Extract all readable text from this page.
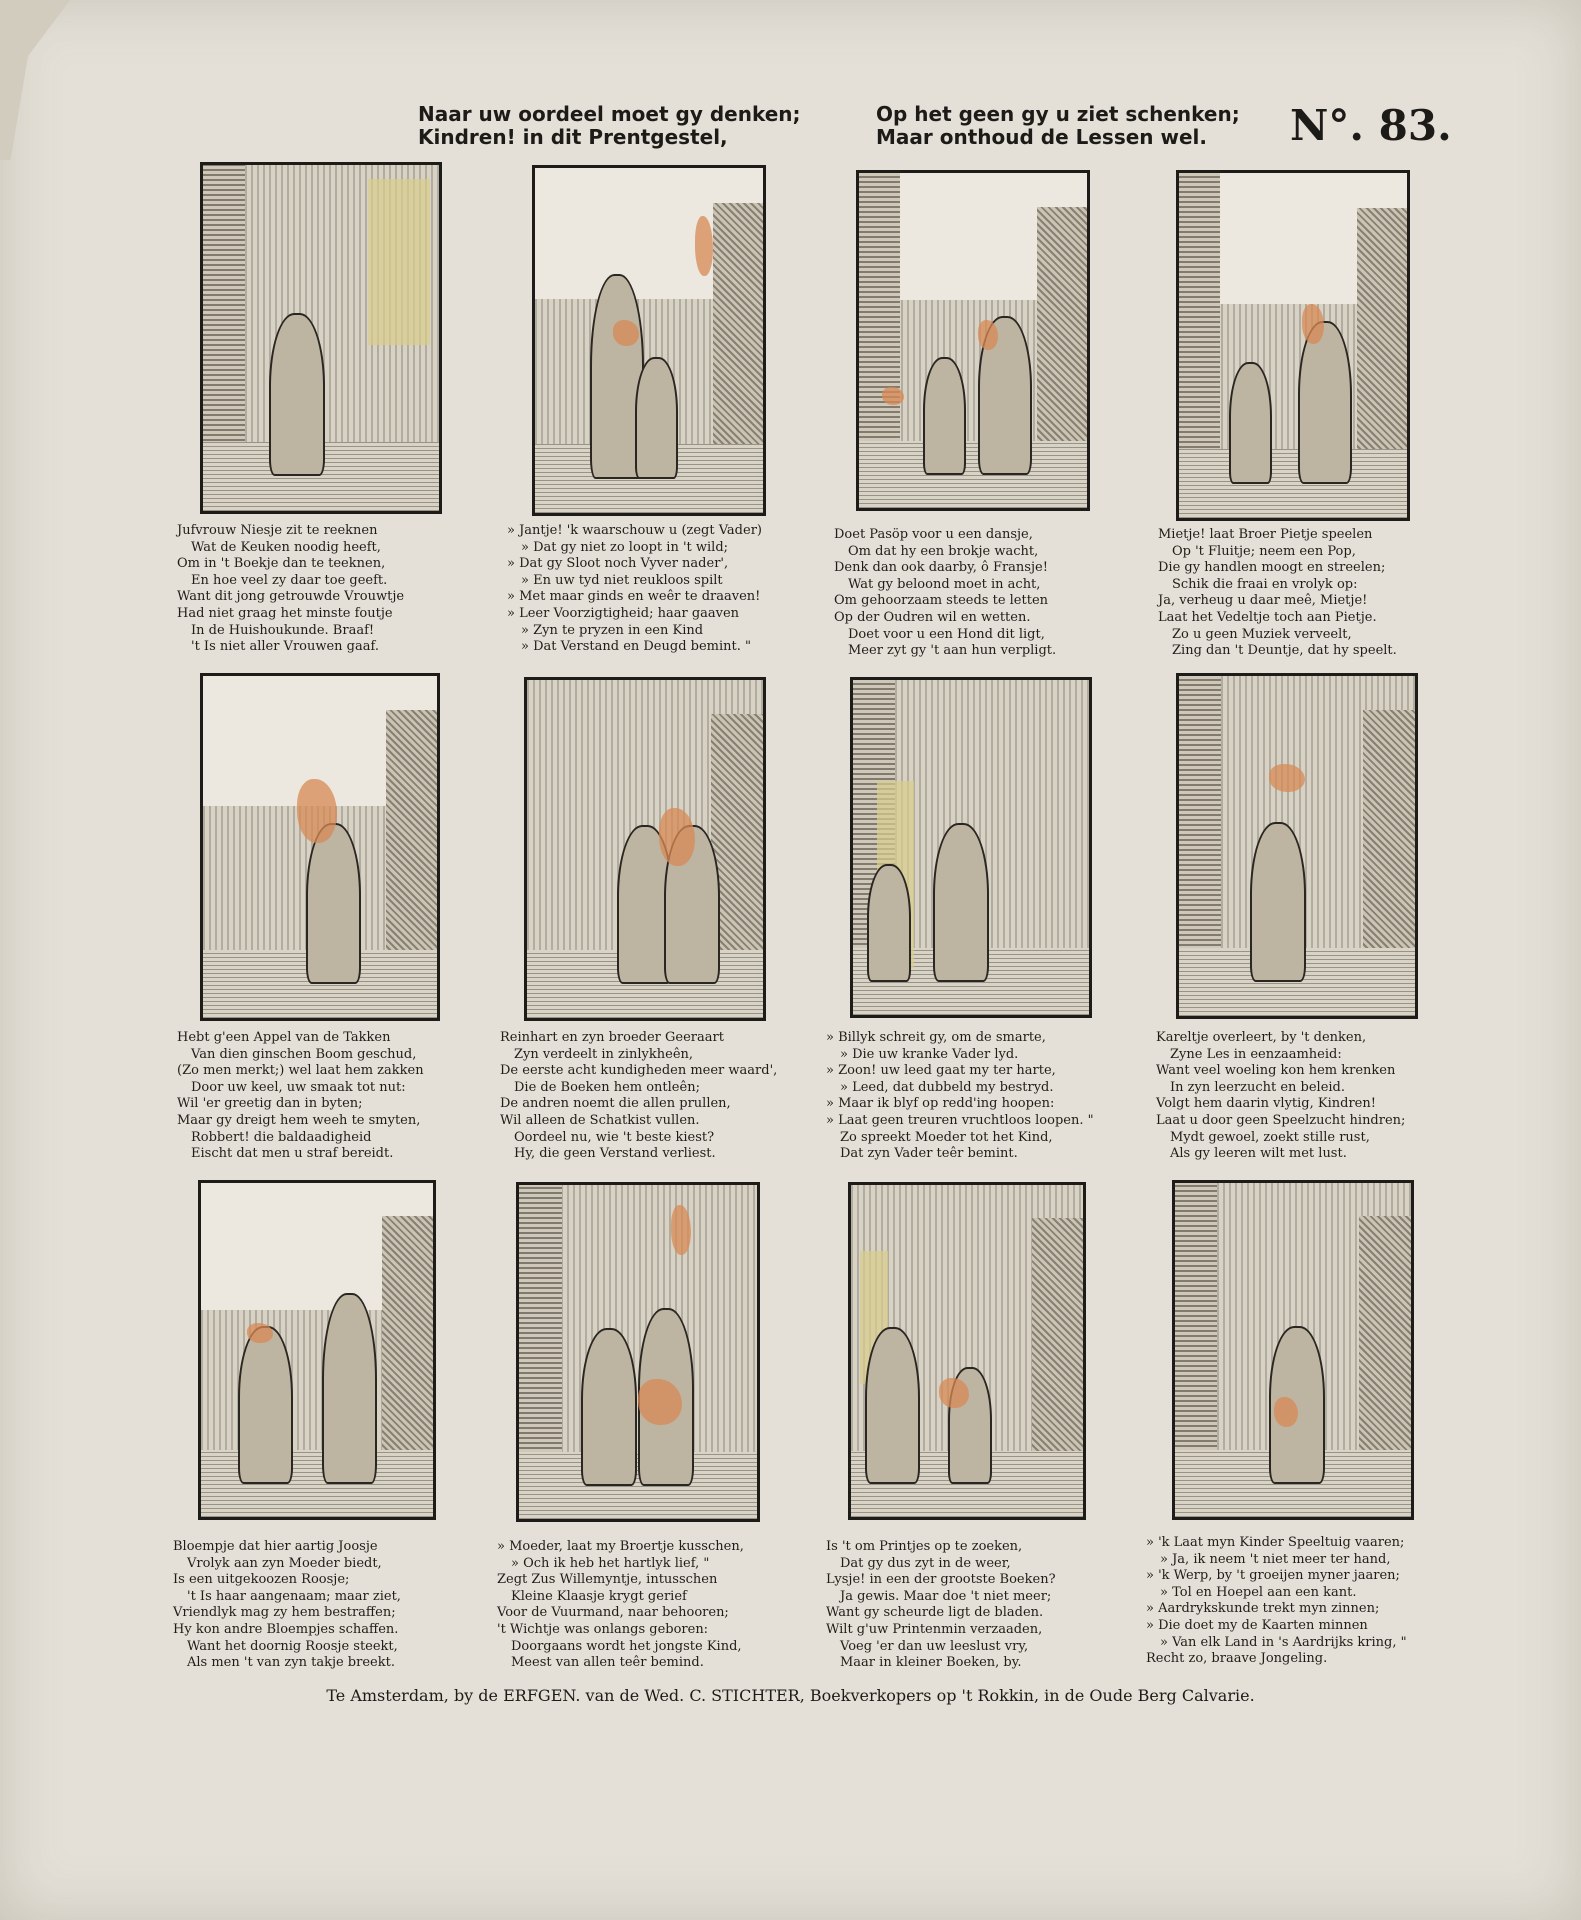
Naar uw oordeel moet gy denken;
Kindren! in dit Prentgestel,
Op het geen gy u ziet schenken;
Maar onthoud de Lessen wel.	N°. 83.
Jufvrouw Niesje zit te reeknen
Wat de Keuken noodig heeft,
Om in 't Boekje dan te teeknen,
En hoe veel zy daar toe geeft.
Want dit jong getrouwde Vrouwtje
Had niet graag het minste foutje
In de Huishoukunde. Braaf!
't Is niet aller Vrouwen gaaf.
» Jantje! 'k waarschouw u (zegt Vader)
» Dat gy niet zo loopt in 't wild;
» Dat gy Sloot noch Vyver nader',
» En uw tyd niet reukloos spilt
» Met maar ginds en weêr te draaven!
» Leer Voorzigtigheid; haar gaaven
» Zyn te pryzen in een Kind
» Dat Verstand en Deugd bemint. "
Doet Pasöp voor u een dansje,
Om dat hy een brokje wacht,
Denk dan ook daarby, ô Fransje!
Wat gy beloond moet in acht,
Om gehoorzaam steeds te letten
Op der Oudren wil en wetten.
Doet voor u een Hond dit ligt,
Meer zyt gy 't aan hun verpligt.
Mietje! laat Broer Pietje speelen
Op 't Fluitje; neem een Pop,
Die gy handlen moogt en streelen;
Schik die fraai en vrolyk op:
Ja, verheug u daar meê, Mietje!
Laat het Vedeltje toch aan Pietje.
Zo u geen Muziek verveelt,
Zing dan 't Deuntje, dat hy speelt.
Hebt g'een Appel van de Takken
Van dien ginschen Boom geschud,
(Zo men merkt;) wel laat hem zakken
Door uw keel, uw smaak tot nut:
Wil 'er greetig dan in byten;
Maar gy dreigt hem weeh te smyten,
Robbert! die baldaadigheid
Eischt dat men u straf bereidt.
Reinhart en zyn broeder Geeraart
Zyn verdeelt in zinlykheên,
De eerste acht kundigheden meer waard',
Die de Boeken hem ontleên;
De andren noemt die allen prullen,
Wil alleen de Schatkist vullen.
Oordeel nu, wie 't beste kiest?
Hy, die geen Verstand verliest.
» Billyk schreit gy, om de smarte,
» Die uw kranke Vader lyd.
» Zoon! uw leed gaat my ter harte,
» Leed, dat dubbeld my bestryd.
» Maar ik blyf op redd'ing hoopen:
» Laat geen treuren vruchtloos loopen. "
Zo spreekt Moeder tot het Kind,
Dat zyn Vader teêr bemint.
Kareltje overleert, by 't denken,
Zyne Les in eenzaamheid:
Want veel woeling kon hem krenken
In zyn leerzucht en beleid.
Volgt hem daarin vlytig, Kindren!
Laat u door geen Speelzucht hindren;
Mydt gewoel, zoekt stille rust,
Als gy leeren wilt met lust.
Bloempje dat hier aartig Joosje
Vrolyk aan zyn Moeder biedt,
Is een uitgekoozen Roosje;
't Is haar aangenaam; maar ziet,
Vriendlyk mag zy hem bestraffen;
Hy kon andre Bloempjes schaffen.
Want het doornig Roosje steekt,
Als men 't van zyn takje breekt.
» Moeder, laat my Broertje kusschen,
» Och ik heb het hartlyk lief, "
Zegt Zus Willemyntje, intusschen
Kleine Klaasje krygt gerief
Voor de Vuurmand, naar behooren;
't Wichtje was onlangs geboren:
Doorgaans wordt het jongste Kind,
Meest van allen teêr bemind.
Is 't om Printjes op te zoeken,
Dat gy dus zyt in de weer,
Lysje! in een der grootste Boeken?
Ja gewis. Maar doe 't niet meer;
Want gy scheurde ligt de bladen.
Wilt g'uw Printenmin verzaaden,
Voeg 'er dan uw leeslust vry,
Maar in kleiner Boeken, by.
» 'k Laat myn Kinder Speeltuig vaaren;
» Ja, ik neem 't niet meer ter hand,
» 'k Werp, by 't groeijen myner jaaren;
» Tol en Hoepel aan een kant.
» Aardrykskunde trekt myn zinnen;
» Die doet my de Kaarten minnen
» Van elk Land in 's Aardrijks kring, "
Recht zo, braave Jongeling.
Te Amsterdam, by de ERFGEN. van de Wed. C. STICHTER, Boekverkopers op 't Rokkin, in de Oude Berg Calvarie.
